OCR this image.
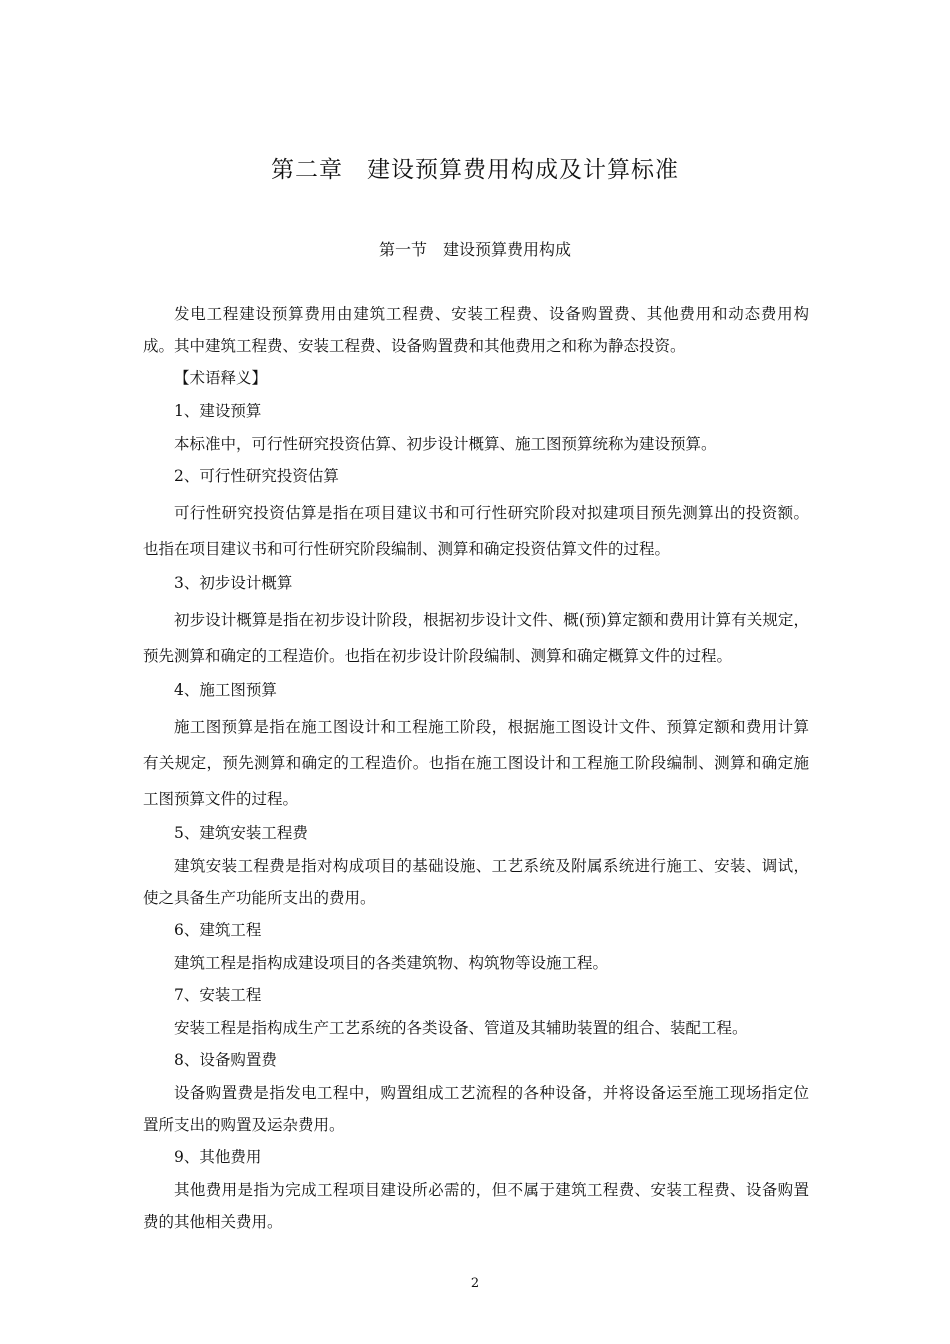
第二章　建设预算费用构成及计算标准
第一节　建设预算费用构成

发电工程建设预算费用由建筑工程费、安装工程费、设备购置费、其他费用和动态费用构成。其中建筑工程费、安装工程费、设备购置费和其他费用之和称为静态投资。

【术语释义】

1、建设预算

本标准中，可行性研究投资估算、初步设计概算、施工图预算统称为建设预算。

2、可行性研究投资估算

可行性研究投资估算是指在项目建议书和可行性研究阶段对拟建项目预先测算出的投资额。也指在项目建议书和可行性研究阶段编制、测算和确定投资估算文件的过程。

3、初步设计概算

初步设计概算是指在初步设计阶段，根据初步设计文件、概(预)算定额和费用计算有关规定，预先测算和确定的工程造价。也指在初步设计阶段编制、测算和确定概算文件的过程。

4、施工图预算

施工图预算是指在施工图设计和工程施工阶段，根据施工图设计文件、预算定额和费用计算有关规定，预先测算和确定的工程造价。也指在施工图设计和工程施工阶段编制、测算和确定施工图预算文件的过程。

5、建筑安装工程费

建筑安装工程费是指对构成项目的基础设施、工艺系统及附属系统进行施工、安装、调试，使之具备生产功能所支出的费用。

6、建筑工程

建筑工程是指构成建设项目的各类建筑物、构筑物等设施工程。

7、安装工程

安装工程是指构成生产工艺系统的各类设备、管道及其辅助装置的组合、装配工程。

8、设备购置费

设备购置费是指发电工程中，购置组成工艺流程的各种设备，并将设备运至施工现场指定位置所支出的购置及运杂费用。

9、其他费用

其他费用是指为完成工程项目建设所必需的，但不属于建筑工程费、安装工程费、设备购置费的其他相关费用。

2
